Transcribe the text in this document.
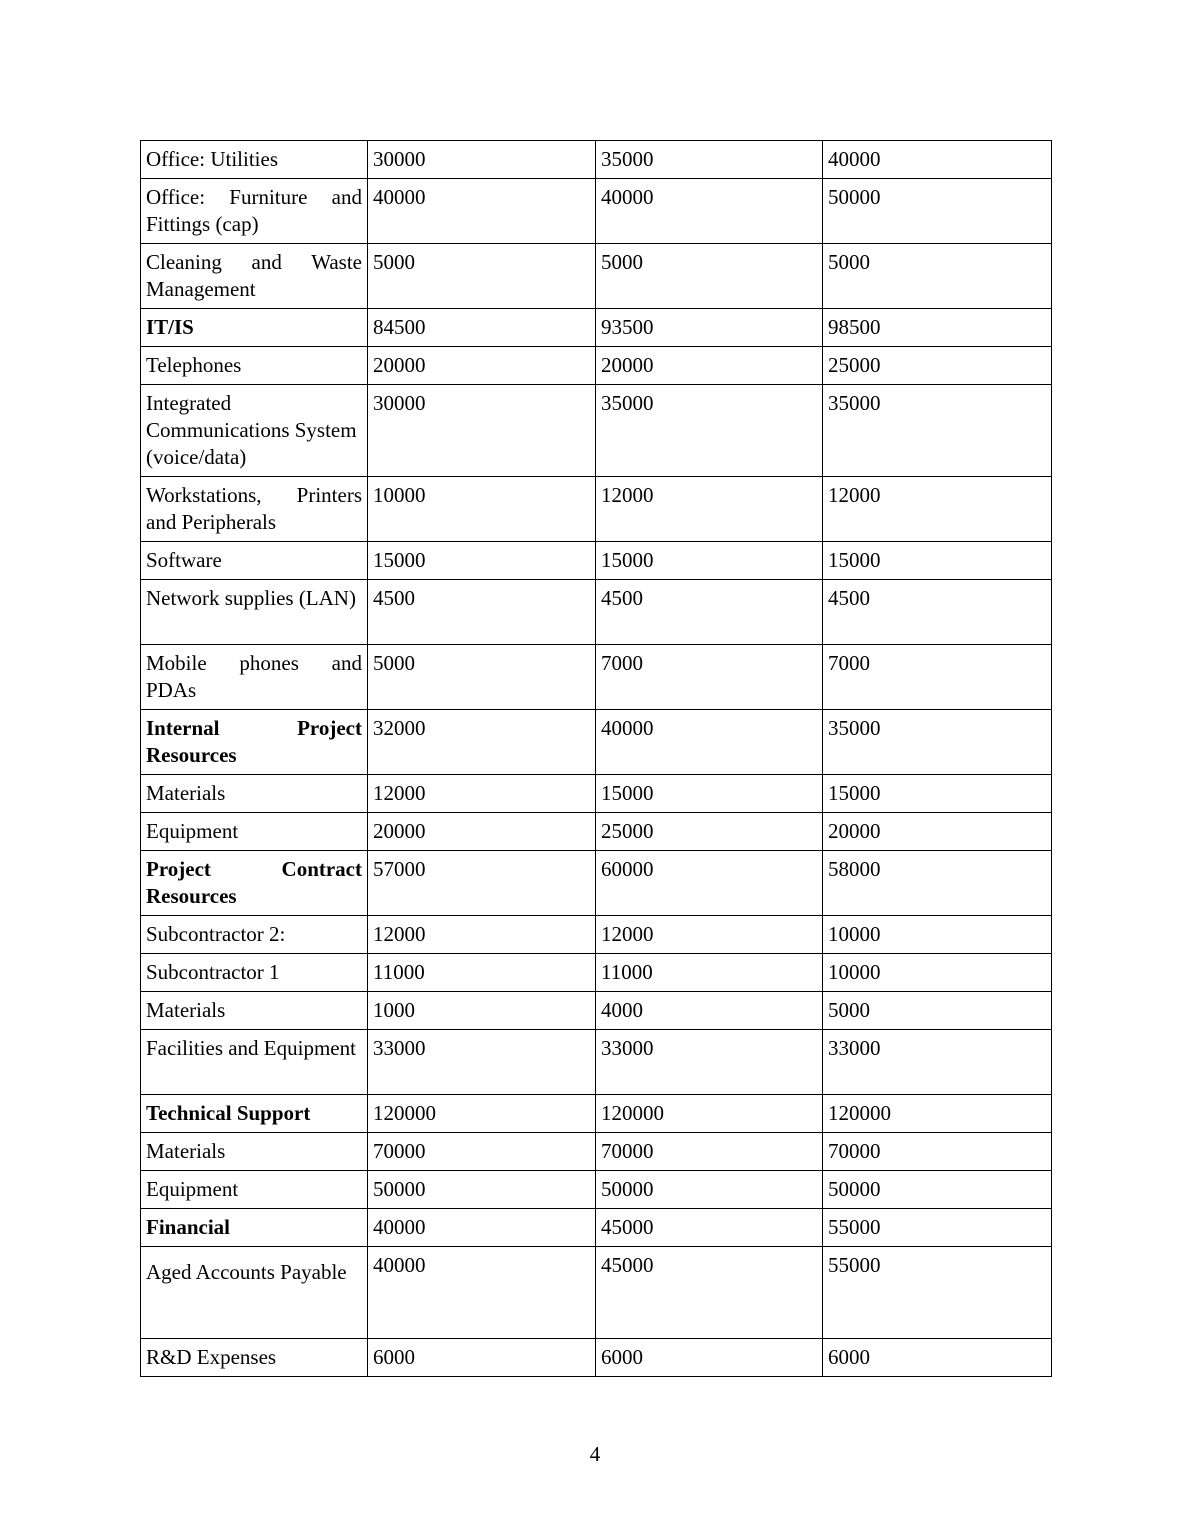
Office: Utilities	30000	35000	40000
Office: Furniture and Fittings (cap)	40000	40000	50000
Cleaning and Waste Management	5000	5000	5000
IT/IS	84500	93500	98500
Telephones	20000	20000	25000
Integrated Communications System (voice/data)	30000	35000	35000
Workstations, Printers and Peripherals	10000	12000	12000
Software	15000	15000	15000
Network supplies (LAN)	4500	4500	4500
Mobile phones and PDAs	5000	7000	7000
Internal Project Resources	32000	40000	35000
Materials	12000	15000	15000
Equipment	20000	25000	20000
Project Contract Resources	57000	60000	58000
Subcontractor 2:	12000	12000	10000
Subcontractor 1	11000	11000	10000
Materials	1000	4000	5000
Facilities and Equipment	33000	33000	33000
Technical Support	120000	120000	120000
Materials	70000	70000	70000
Equipment	50000	50000	50000
Financial	40000	45000	55000

Aged Accounts Payable	40000	45000	55000
R&D Expenses	6000	6000	6000
4
